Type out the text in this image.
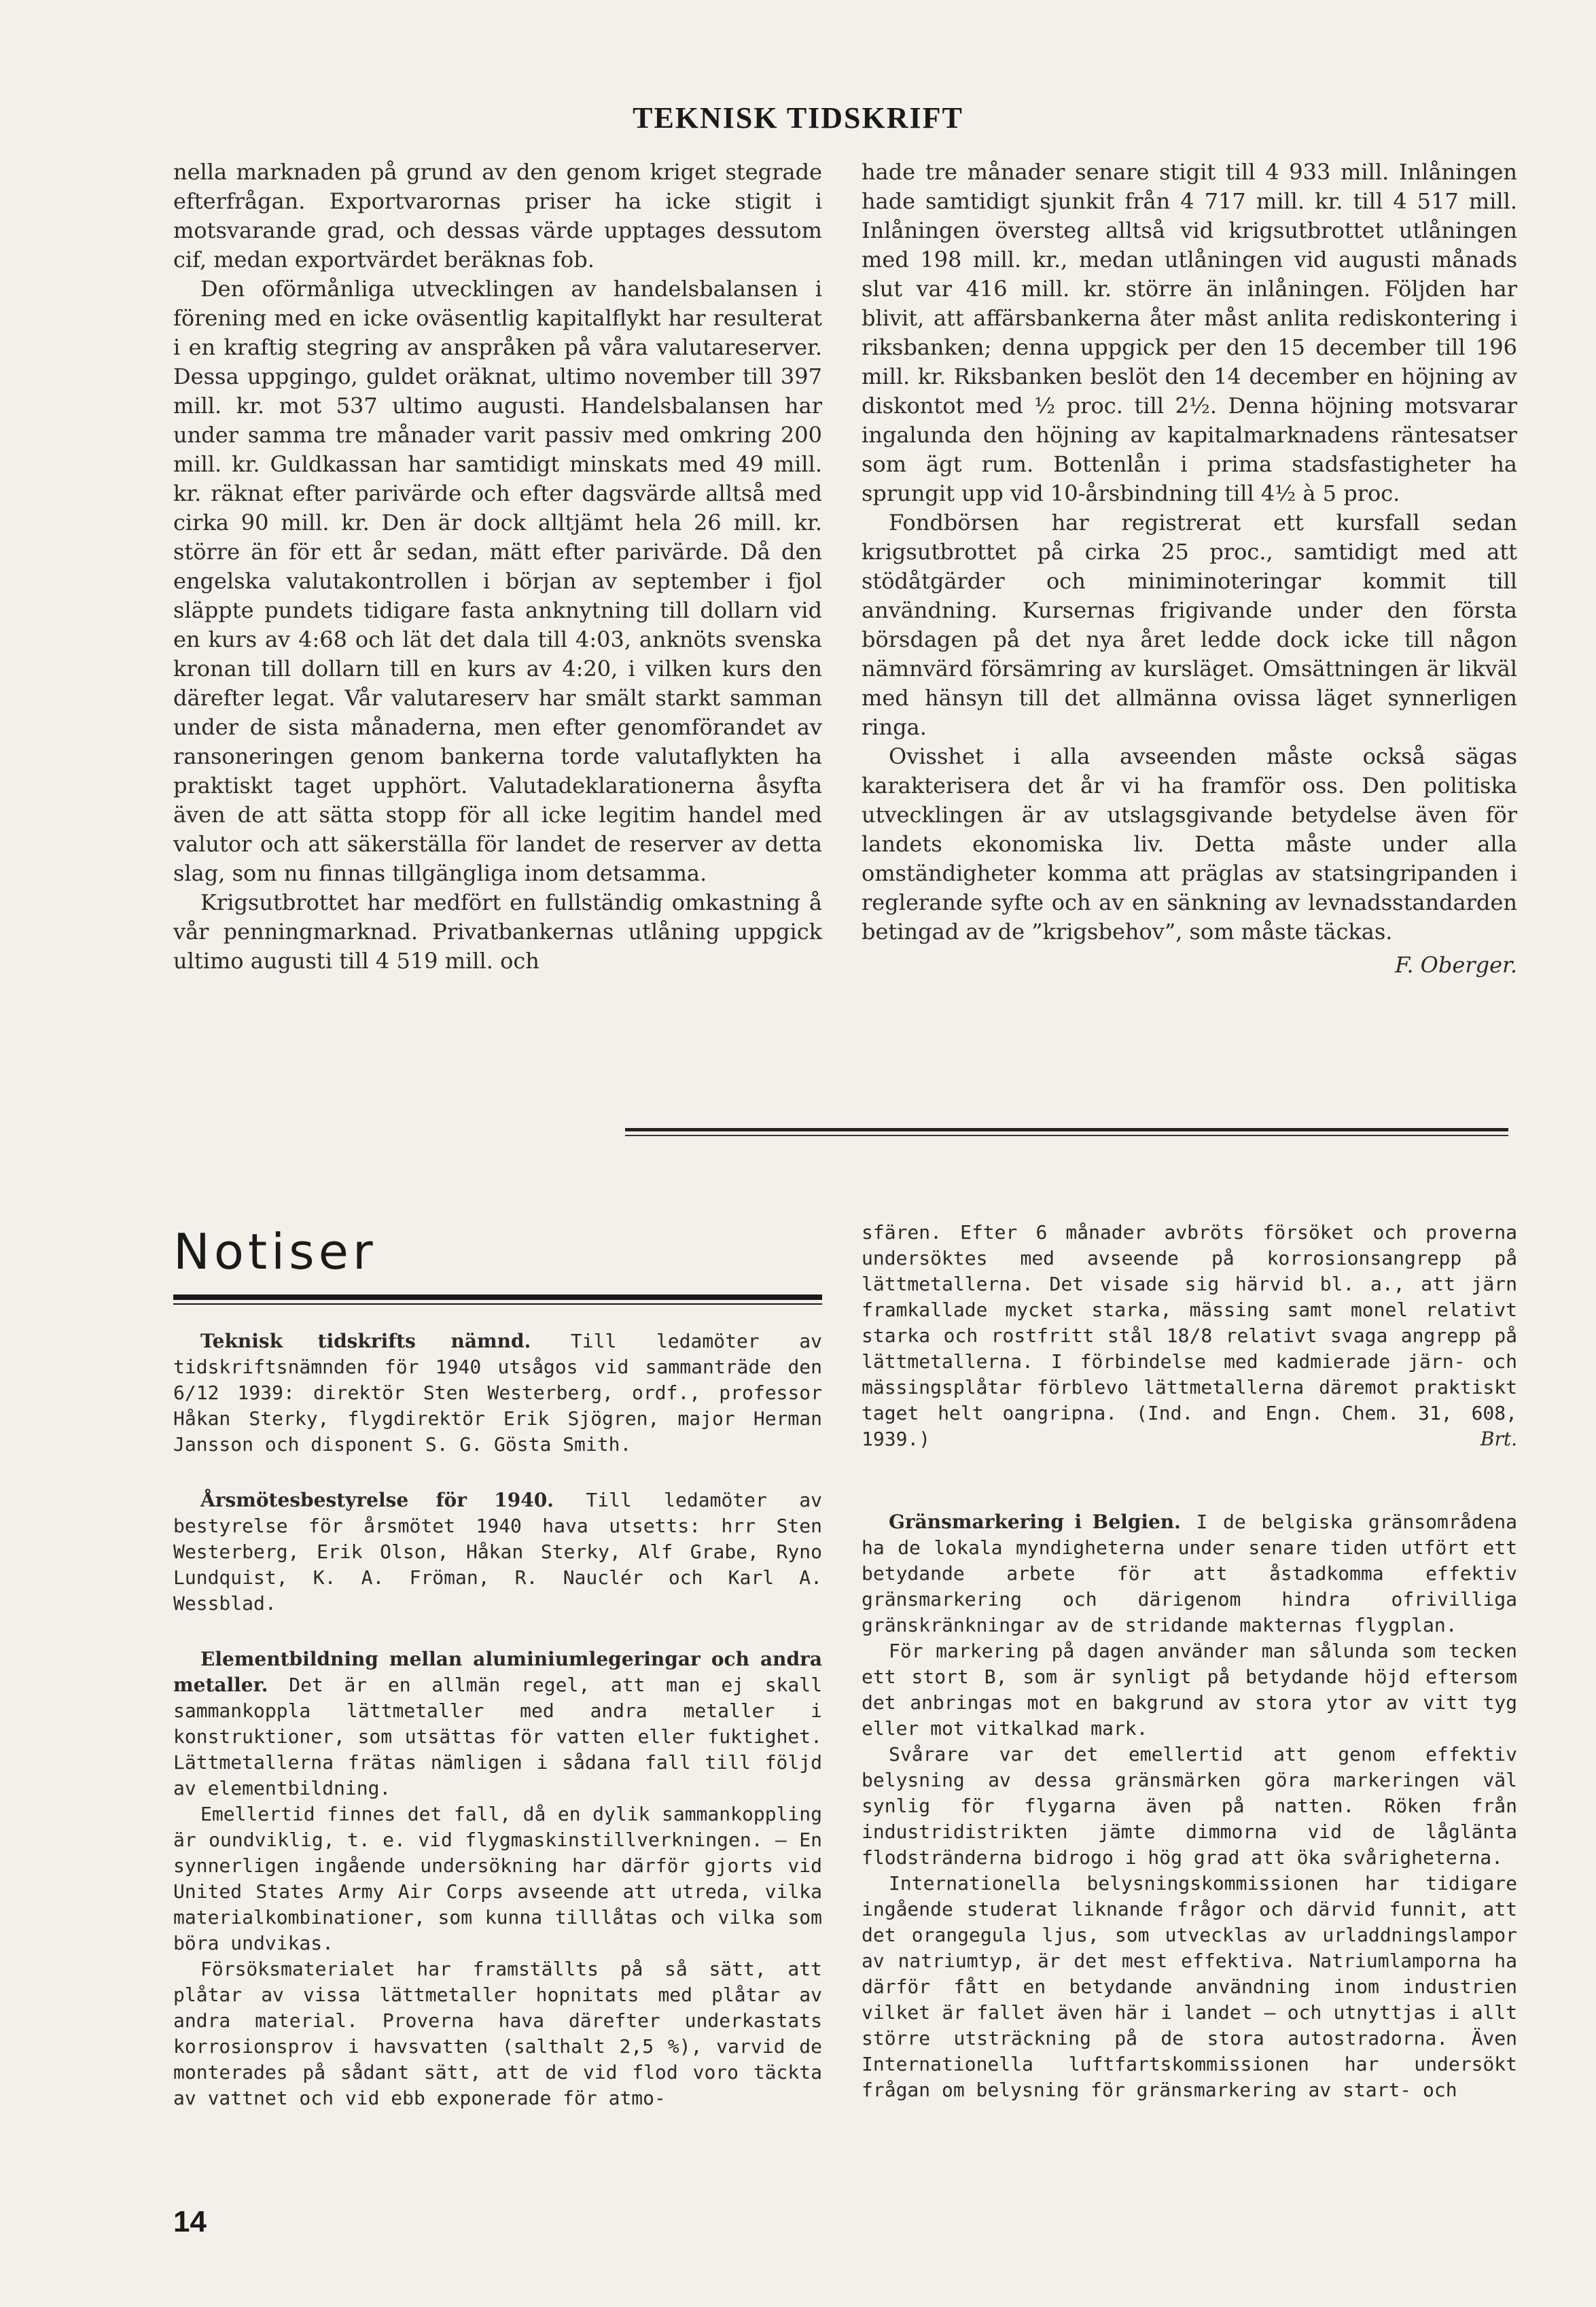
TEKNISK TIDSKRIFT

nella marknaden på grund av den genom kriget stegrade efterfrågan. Exportvarornas priser ha icke stigit i motsvarande grad, och dessas värde upptages dessutom cif, medan exportvärdet beräknas fob.

Den oförmånliga utvecklingen av handelsbalansen i förening med en icke oväsentlig kapitalflykt har resulterat i en kraftig stegring av anspråken på våra valutareserver. Dessa uppgingo, guldet oräknat, ultimo november till 397 mill. kr. mot 537 ultimo augusti. Handelsbalansen har under samma tre månader varit passiv med omkring 200 mill. kr. Guldkassan har samtidigt minskats med 49 mill. kr. räknat efter parivärde och efter dagsvärde alltså med cirka 90 mill. kr. Den är dock alltjämt hela 26 mill. kr. större än för ett år sedan, mätt efter parivärde. Då den engelska valutakontrollen i början av september i fjol släppte pundets tidigare fasta anknytning till dollarn vid en kurs av 4:68 och lät det dala till 4:03, anknöts svenska kronan till dollarn till en kurs av 4:20, i vilken kurs den därefter legat. Vår valutareserv har smält starkt samman under de sista månaderna, men efter genomförandet av ransoneringen genom bankerna torde valutaflykten ha praktiskt taget upphört. Valutadeklarationerna åsyfta även de att sätta stopp för all icke legitim handel med valutor och att säkerställa för landet de reserver av detta slag, som nu finnas tillgängliga inom detsamma.

Krigsutbrottet har medfört en fullständig omkastning å vår penningmarknad. Privatbankernas utlåning uppgick ultimo augusti till 4 519 mill. och

hade tre månader senare stigit till 4 933 mill. Inlåningen hade samtidigt sjunkit från 4 717 mill. kr. till 4 517 mill. Inlåningen översteg alltså vid krigsutbrottet utlåningen med 198 mill. kr., medan utlåningen vid augusti månads slut var 416 mill. kr. större än inlåningen. Följden har blivit, att affärsbankerna åter måst anlita rediskontering i riksbanken; denna uppgick per den 15 december till 196 mill. kr. Riksbanken beslöt den 14 december en höjning av diskontot med ½ proc. till 2½. Denna höjning motsvarar ingalunda den höjning av kapitalmarknadens räntesatser som ägt rum. Bottenlån i prima stadsfastigheter ha sprungit upp vid 10-årsbindning till 4½ à 5 proc.

Fondbörsen har registrerat ett kursfall sedan krigsutbrottet på cirka 25 proc., samtidigt med att stödåtgärder och miniminoteringar kommit till användning. Kursernas frigivande under den första börsdagen på det nya året ledde dock icke till någon nämnvärd försämring av kursläget. Omsättningen är likväl med hänsyn till det allmänna ovissa läget synnerligen ringa.

Ovisshet i alla avseenden måste också sägas karakterisera det år vi ha framför oss. Den politiska utvecklingen är av utslagsgivande betydelse även för landets ekonomiska liv. Detta måste under alla omständigheter komma att präglas av statsingripanden i reglerande syfte och av en sänkning av levnadsstandarden betingad av de ”krigsbehov”, som måste täckas.

F. Oberger.
Notiser

Teknisk tidskrifts nämnd. Till ledamöter av tidskriftsnämnden för 1940 utsågos vid sammanträde den 6/12 1939: direktör Sten Westerberg, ordf., professor Håkan Sterky, flygdirektör Erik Sjögren, major Herman Jansson och disponent S. G. Gösta Smith.

Årsmötesbestyrelse för 1940. Till ledamöter av bestyrelse för årsmötet 1940 hava utsetts: hrr Sten Westerberg, Erik Olson, Håkan Sterky, Alf Grabe, Ryno Lundquist, K. A. Fröman, R. Nauclér och Karl A. Wessblad.

Elementbildning mellan aluminiumlegeringar och andra metaller. Det är en allmän regel, att man ej skall sammankoppla lättmetaller med andra metaller i konstruktioner, som utsättas för vatten eller fuktighet. Lättmetallerna frätas nämligen i sådana fall till följd av elementbildning.

Emellertid finnes det fall, då en dylik sammankoppling är oundviklig, t. e. vid flygmaskinstillverkningen. — En synnerligen ingående undersökning har därför gjorts vid United States Army Air Corps avseende att utreda, vilka materialkombinationer, som kunna tilllåtas och vilka som böra undvikas.

Försöksmaterialet har framställts på så sätt, att plåtar av vissa lättmetaller hopnitats med plåtar av andra material. Proverna hava därefter underkastats korrosionsprov i havsvatten (salthalt 2,5 %), varvid de monterades på sådant sätt, att de vid flod voro täckta av vattnet och vid ebb exponerade för atmo-

sfären. Efter 6 månader avbröts försöket och proverna undersöktes med avseende på korrosionsangrepp på lättmetallerna. Det visade sig härvid bl. a., att järn framkallade mycket starka, mässing samt monel relativt starka och rostfritt stål 18/8 relativt svaga angrepp på lättmetallerna. I förbindelse med kadmierade järn- och mässingsplåtar förblevo lättmetallerna däremot praktiskt taget helt oangripna. (Ind. and Engn. Chem. 31, 608, 1939.)	Brt.

Gränsmarkering i Belgien. I de belgiska gränsområdena ha de lokala myndigheterna under senare tiden utfört ett betydande arbete för att åstadkomma effektiv gränsmarkering och därigenom hindra ofrivilliga gränskränkningar av de stridande makternas flygplan.

För markering på dagen använder man sålunda som tecken ett stort B, som är synligt på betydande höjd eftersom det anbringas mot en bakgrund av stora ytor av vitt tyg eller mot vitkalkad mark.

Svårare var det emellertid att genom effektiv belysning av dessa gränsmärken göra markeringen väl synlig för flygarna även på natten. Röken från industridistrikten jämte dimmorna vid de låglänta flodstränderna bidrogo i hög grad att öka svårigheterna.

Internationella belysningskommissionen har tidigare ingående studerat liknande frågor och därvid funnit, att det orangegula ljus, som utvecklas av urladdningslampor av natriumtyp, är det mest effektiva. Natriumlamporna ha därför fått en betydande användning inom industrien vilket är fallet även här i landet — och utnyttjas i allt större utsträckning på de stora autostradorna. Även Internationella luftfartskommissionen har undersökt frågan om belysning för gränsmarkering av start- och

14
